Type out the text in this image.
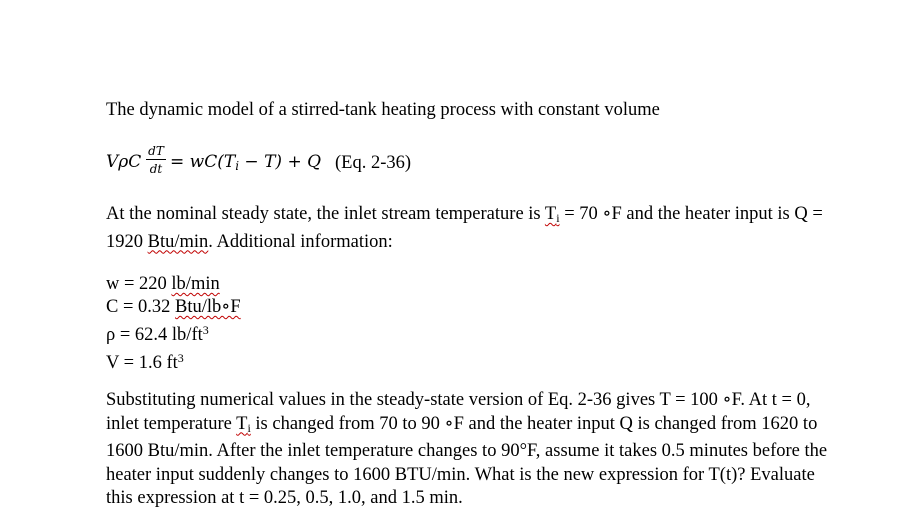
The dynamic model of a stirred-tank heating process with constant volume

VρC $\frac{dT}{dt} = wC(T_i - T) + Q$ (Eq. 2-36)

At the nominal steady state, the inlet stream temperature is $T_i = 70$ ∘F and the heater input is Q = 1920 Btu/min. Additional information:

w = 220 lb/min
C = 0.32 Btu/lb∘F
ρ = 62.4 $lb/ft^3$
V = 1.6 $ft^3$

Substituting numerical values in the steady-state version of Eq. 2-36 gives T = 100 ∘F. At t = 0, inlet temperature $T_i$ is changed from 70 to 90 ∘F and the heater input Q is changed from 1620 to 1600 Btu/min. After the inlet temperature changes to 90°F, assume it takes 0.5 minutes before the heater input suddenly changes to 1600 BTU/min. What is the new expression for T(t)? Evaluate this expression at t = 0.25, 0.5, 1.0, and 1.5 min.
